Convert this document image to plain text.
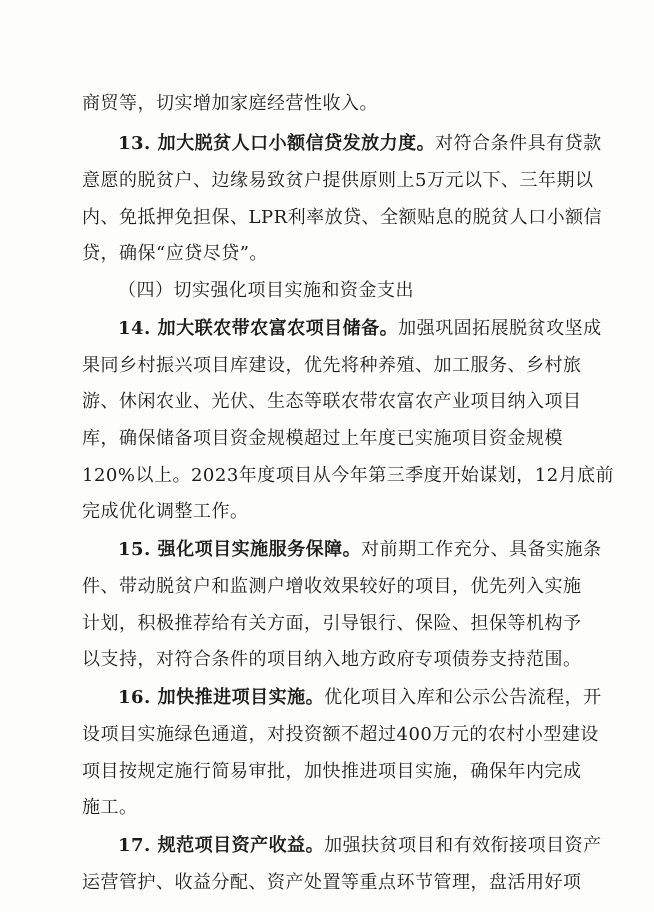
商贸等，切实增加家庭经营性收入。
13. 加大脱贫人口小额信贷发放力度。对符合条件具有贷款
意愿的脱贫户、边缘易致贫户提供原则上5万元以下、三年期以
内、免抵押免担保、LPR利率放贷、全额贴息的脱贫人口小额信
贷，确保“应贷尽贷”。
（四）切实强化项目实施和资金支出
14. 加大联农带农富农项目储备。加强巩固拓展脱贫攻坚成
果同乡村振兴项目库建设，优先将种养殖、加工服务、乡村旅
游、休闲农业、光伏、生态等联农带农富农产业项目纳入项目
库，确保储备项目资金规模超过上年度已实施项目资金规模
120%以上。2023年度项目从今年第三季度开始谋划，12月底前
完成优化调整工作。
15. 强化项目实施服务保障。对前期工作充分、具备实施条
件、带动脱贫户和监测户增收效果较好的项目，优先列入实施
计划，积极推荐给有关方面，引导银行、保险、担保等机构予
以支持，对符合条件的项目纳入地方政府专项债券支持范围。
16. 加快推进项目实施。优化项目入库和公示公告流程，开
设项目实施绿色通道，对投资额不超过400万元的农村小型建设
项目按规定施行简易审批，加快推进项目实施，确保年内完成
施工。
17. 规范项目资产收益。加强扶贫项目和有效衔接项目资产
运营管护、收益分配、资产处置等重点环节管理，盘活用好项
